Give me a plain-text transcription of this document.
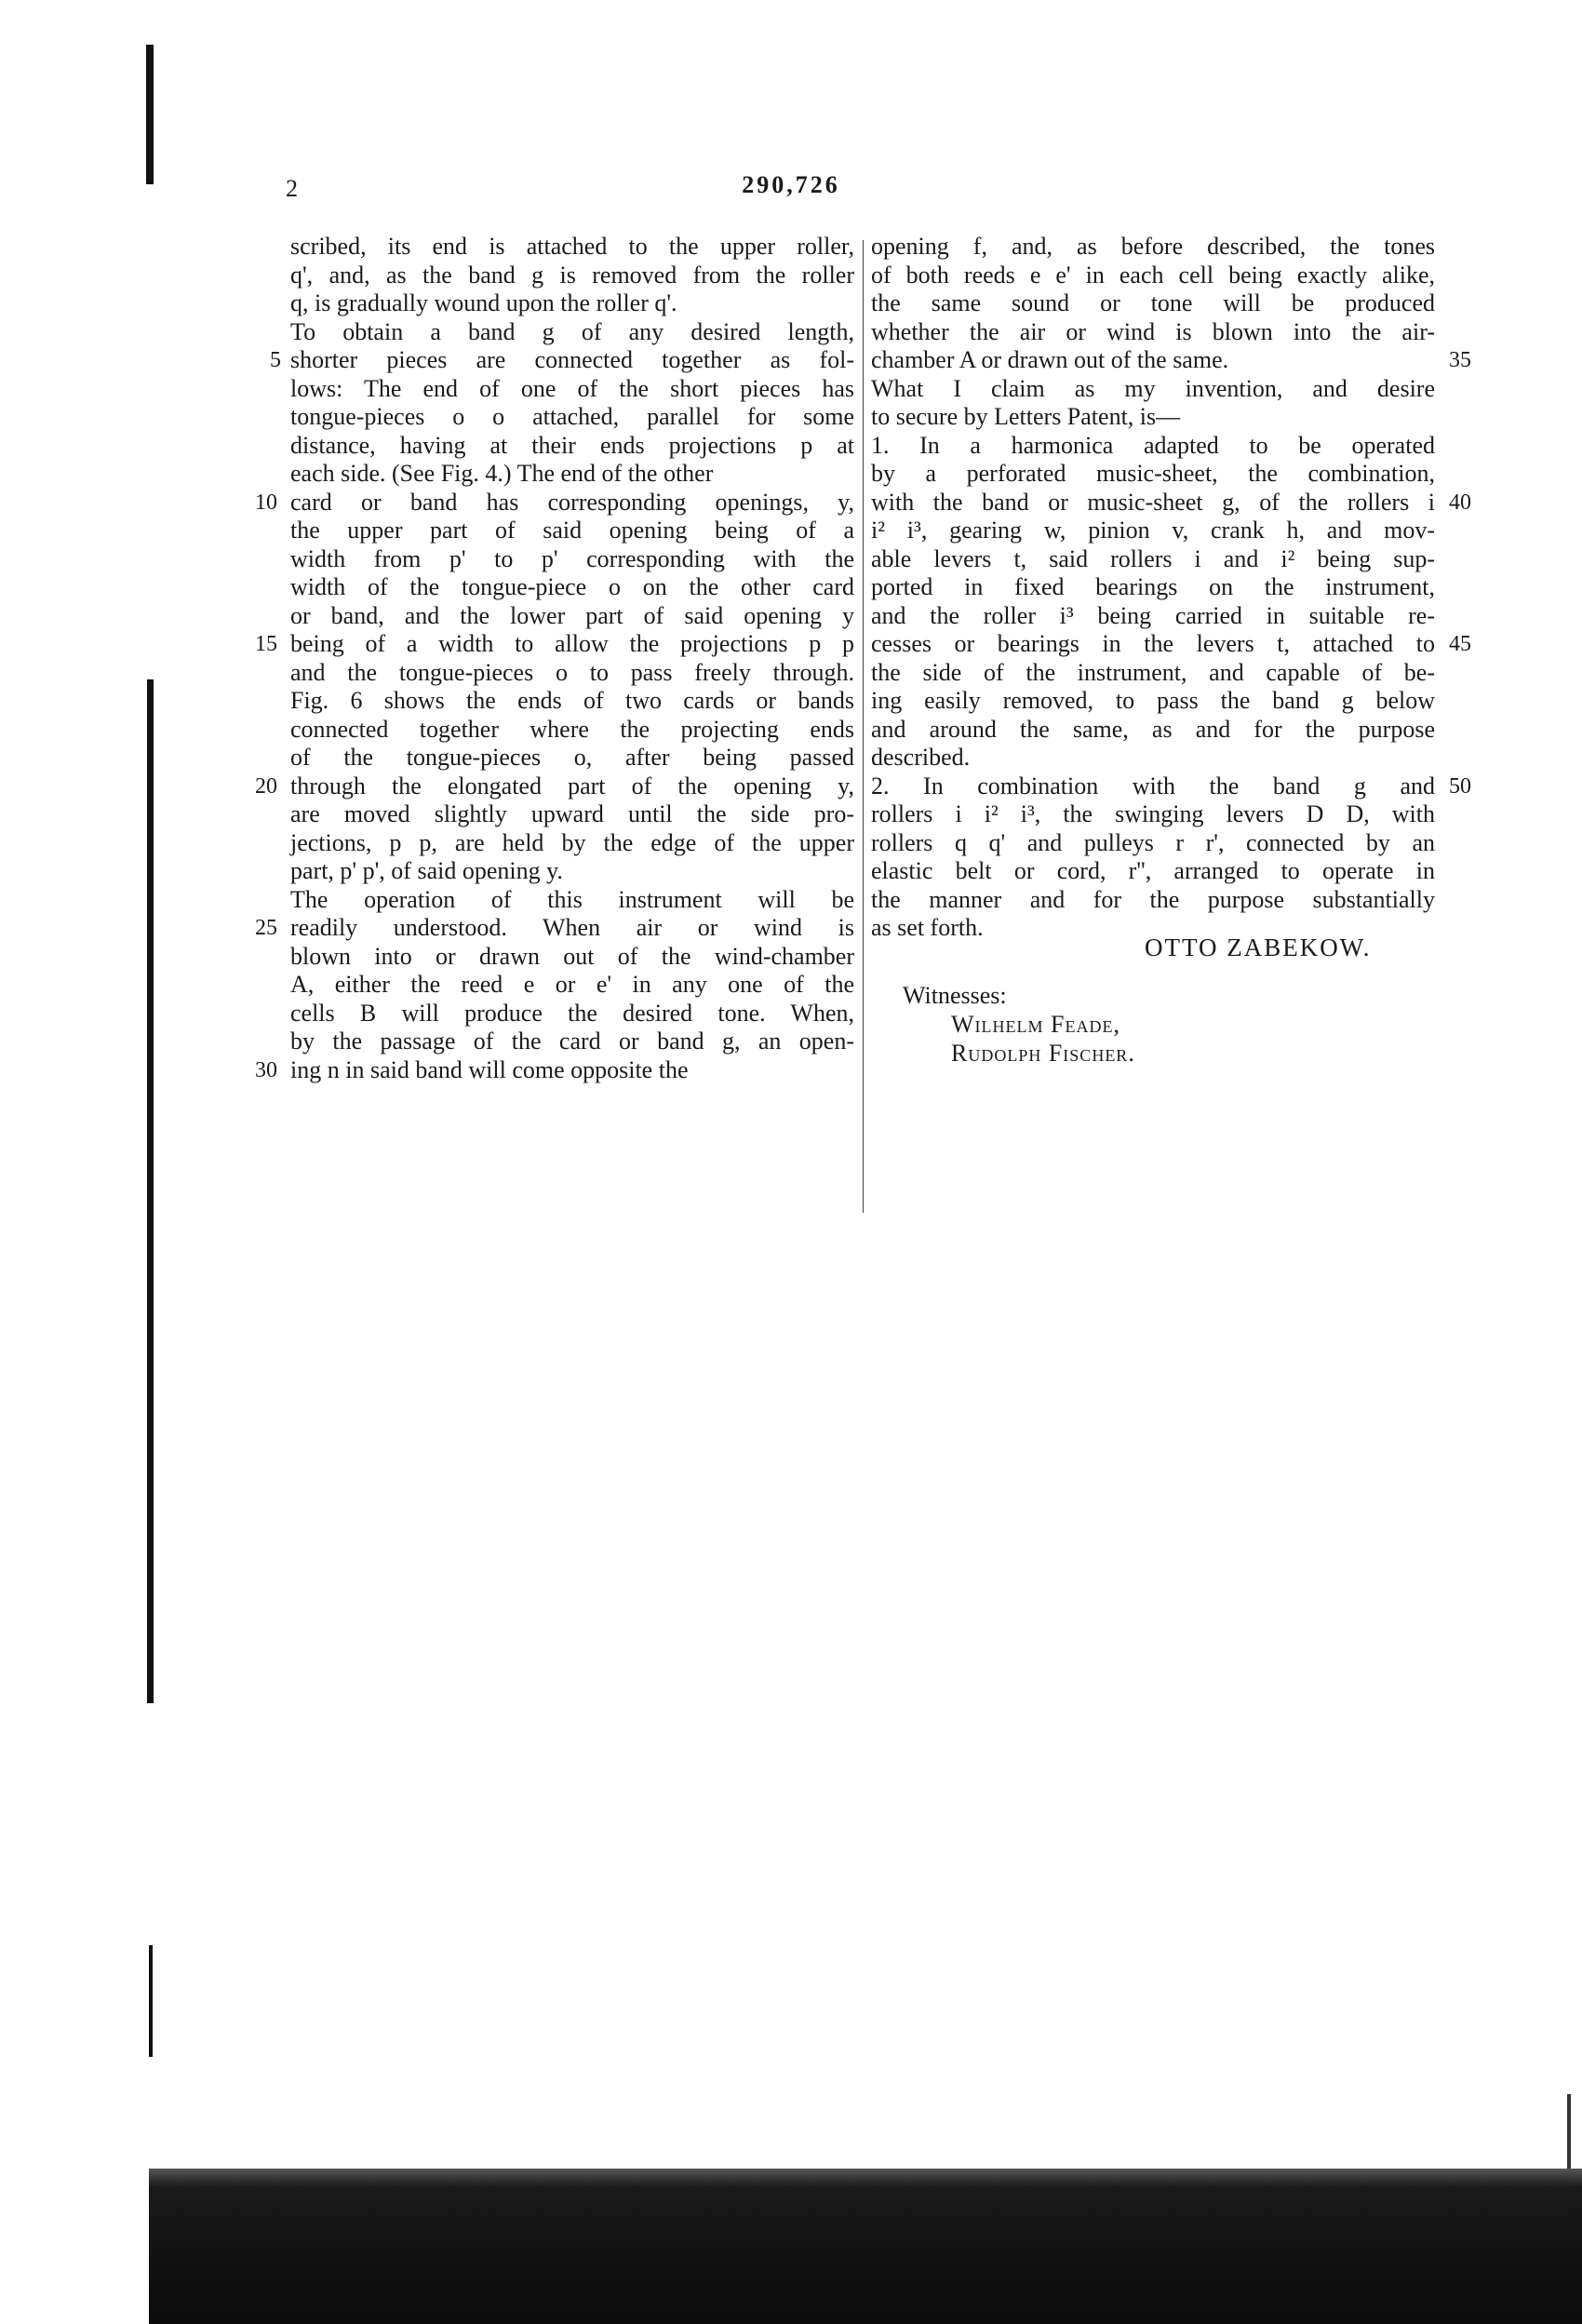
2	290,726
scribed, its end is attached to the upper roller,
q', and, as the band g is removed from the roller
q, is gradually wound upon the roller q'.
To obtain a band g of any desired length,
shorter pieces are connected together as fol-
lows: The end of one of the short pieces has
tongue-pieces o o attached, parallel for some
distance, having at their ends projections p at
each side. (See Fig. 4.) The end of the other
card or band has corresponding openings, y,
the upper part of said opening being of a
width from p' to p' corresponding with the
width of the tongue-piece o on the other card
or band, and the lower part of said opening y
being of a width to allow the projections p p
and the tongue-pieces o to pass freely through.
Fig. 6 shows the ends of two cards or bands
connected together where the projecting ends
of the tongue-pieces o, after being passed
through the elongated part of the opening y,
are moved slightly upward until the side pro-
jections, p p, are held by the edge of the upper
part, p' p', of said opening y.
The operation of this instrument will be
readily understood. When air or wind is
blown into or drawn out of the wind-chamber
A, either the reed e or e' in any one of the
cells B will produce the desired tone. When,
by the passage of the card or band g, an open-
ing n in said band will come opposite the
opening f, and, as before described, the tones
of both reeds e e' in each cell being exactly alike,
the same sound or tone will be produced
whether the air or wind is blown into the air-
chamber A or drawn out of the same.
What I claim as my invention, and desire
to secure by Letters Patent, is—
1. In a harmonica adapted to be operated
by a perforated music-sheet, the combination,
with the band or music-sheet g, of the rollers i
i² i³, gearing w, pinion v, crank h, and mov-
able levers t, said rollers i and i² being sup-
ported in fixed bearings on the instrument,
and the roller i³ being carried in suitable re-
cesses or bearings in the levers t, attached to
the side of the instrument, and capable of be-
ing easily removed, to pass the band g below
and around the same, as and for the purpose
described.
2. In combination with the band g and
rollers i i² i³, the swinging levers D D, with
rollers q q' and pulleys r r', connected by an
elastic belt or cord, r'', arranged to operate in
the manner and for the purpose substantially
as set forth.
5
10
15
20
25
30
35
40
45
50
OTTO ZABEKOW.
Witnesses:
Wilhelm Feade,
Rudolph Fischer.
